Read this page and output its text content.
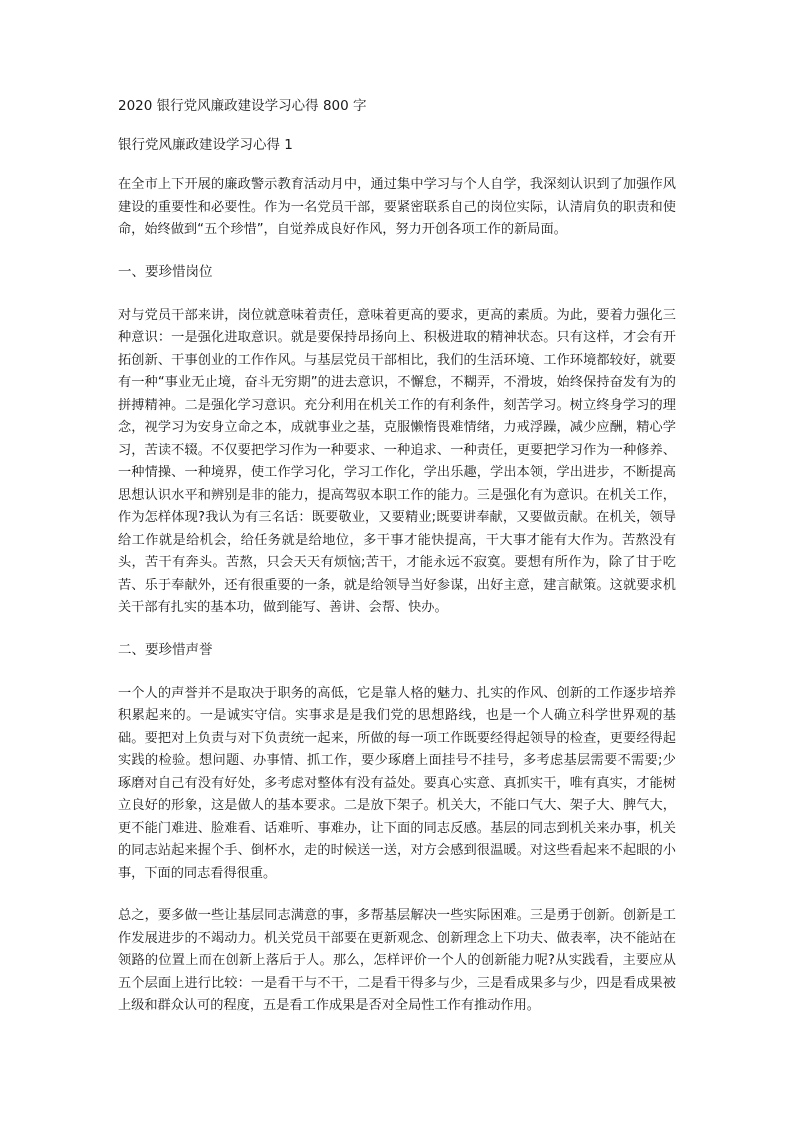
2020 银行党风廉政建设学习心得 800 字

银行党风廉政建设学习心得 1

在全市上下开展的廉政警示教育活动月中，通过集中学习与个人自学，我深刻认识到了加强作风建设的重要性和必要性。作为一名党员干部，要紧密联系自己的岗位实际，认清肩负的职责和使命，始终做到“五个珍惜”，自觉养成良好作风，努力开创各项工作的新局面。

一、要珍惜岗位

对与党员干部来讲，岗位就意味着责任，意味着更高的要求，更高的素质。为此，要着力强化三种意识：一是强化进取意识。就是要保持昂扬向上、积极进取的精神状态。只有这样，才会有开拓创新、干事创业的工作作风。与基层党员干部相比，我们的生活环境、工作环境都较好，就要有一种“事业无止境，奋斗无穷期”的进去意识，不懈怠，不糊弄，不滑坡，始终保持奋发有为的拼搏精神。二是强化学习意识。充分利用在机关工作的有利条件，刻苦学习。树立终身学习的理念，视学习为安身立命之本，成就事业之基，克服懒惰畏难情绪，力戒浮躁，减少应酬，精心学习，苦读不辍。不仅要把学习作为一种要求、一种追求、一种责任，更要把学习作为一种修养、一种情操、一种境界，使工作学习化，学习工作化，学出乐趣，学出本领，学出进步，不断提高思想认识水平和辨别是非的能力，提高驾驭本职工作的能力。三是强化有为意识。在机关工作，作为怎样体现?我认为有三名话：既要敬业，又要精业;既要讲奉献，又要做贡献。在机关，领导给工作就是给机会，给任务就是给地位，多干事才能快提高，干大事才能有大作为。苦熬没有头，苦干有奔头。苦熬，只会天天有烦恼;苦干，才能永远不寂寞。要想有所作为，除了甘于吃苦、乐于奉献外，还有很重要的一条，就是给领导当好参谋，出好主意，建言献策。这就要求机关干部有扎实的基本功，做到能写、善讲、会帮、快办。

二、要珍惜声誉

一个人的声誉并不是取决于职务的高低，它是靠人格的魅力、扎实的作风、创新的工作逐步培养积累起来的。一是诚实守信。实事求是是我们党的思想路线，也是一个人确立科学世界观的基础。要把对上负责与对下负责统一起来，所做的每一项工作既要经得起领导的检查，更要经得起实践的检验。想问题、办事情、抓工作，要少琢磨上面挂号不挂号，多考虑基层需要不需要;少琢磨对自己有没有好处，多考虑对整体有没有益处。要真心实意、真抓实干，唯有真实，才能树立良好的形象，这是做人的基本要求。二是放下架子。机关大，不能口气大、架子大、脾气大，更不能门难进、脸难看、话难听、事难办，让下面的同志反感。基层的同志到机关来办事，机关的同志站起来握个手、倒杯水，走的时候送一送，对方会感到很温暖。对这些看起来不起眼的小事，下面的同志看得很重。

总之，要多做一些让基层同志满意的事，多帮基层解决一些实际困难。三是勇于创新。创新是工作发展进步的不竭动力。机关党员干部要在更新观念、创新理念上下功夫、做表率，决不能站在领路的位置上而在创新上落后于人。那么，怎样评价一个人的创新能力呢?从实践看，主要应从五个层面上进行比较：一是看干与不干，二是看干得多与少，三是看成果多与少，四是看成果被上级和群众认可的程度，五是看工作成果是否对全局性工作有推动作用。
